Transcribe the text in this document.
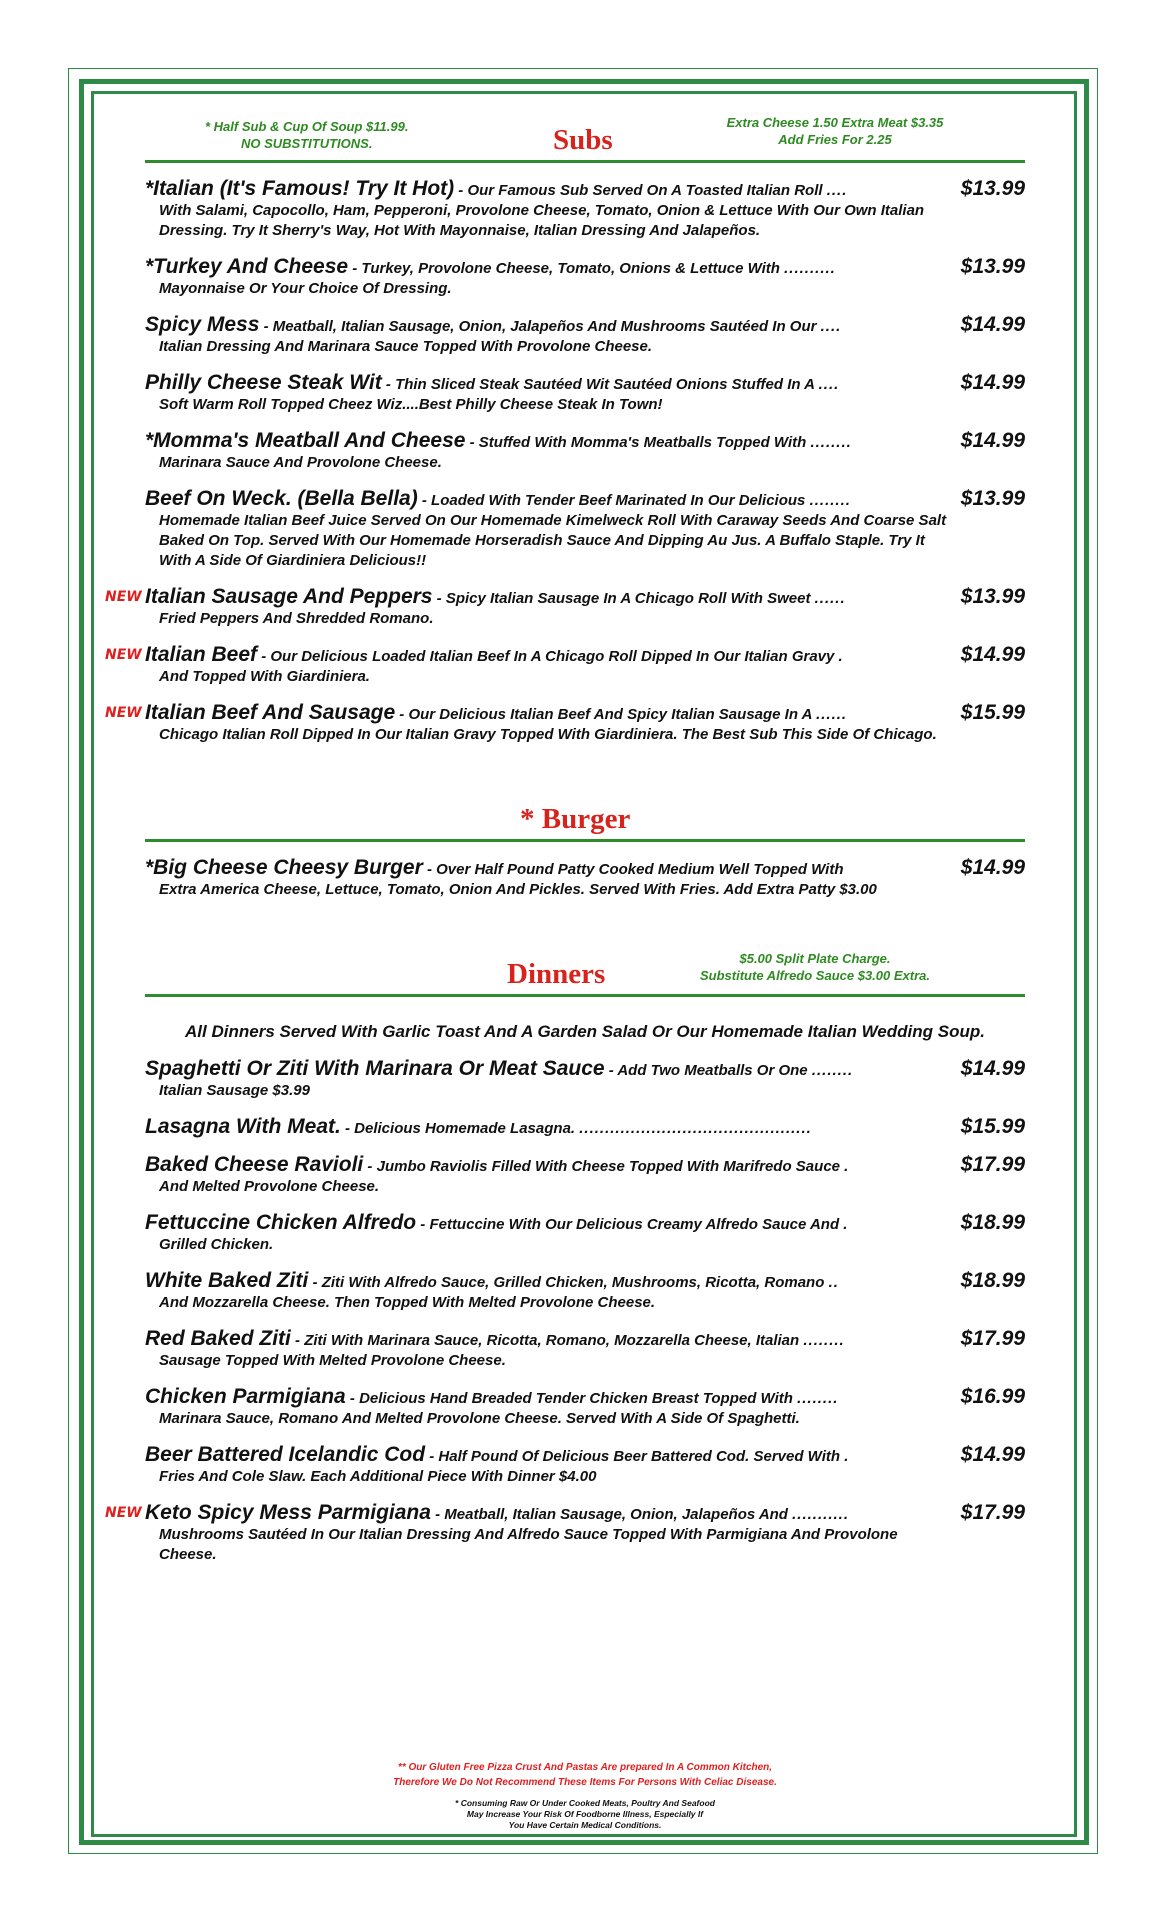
* Half Sub & Cup Of Soup $11.99.
NO SUBSTITUTIONS.	Subs
Extra Cheese 1.50 Extra Meat $3.35
Add Fries For 2.25
*Italian (It's Famous! Try It Hot) - Our Famous Sub Served On A Toasted Italian Roll ....	$13.99
With Salami, Capocollo, Ham, Pepperoni, Provolone Cheese, Tomato, Onion & Lettuce With Our Own Italian Dressing. Try It Sherry's Way, Hot With Mayonnaise, Italian Dressing And Jalapeños.
*Turkey And Cheese - Turkey, Provolone Cheese, Tomato, Onions & Lettuce With ..........	$13.99
Mayonnaise Or Your Choice Of Dressing.
Spicy Mess - Meatball, Italian Sausage, Onion, Jalapeños And Mushrooms Sautéed In Our ....	$14.99
Italian Dressing And Marinara Sauce Topped With Provolone Cheese.
Philly Cheese Steak Wit - Thin Sliced Steak Sautéed Wit Sautéed Onions Stuffed In A ....	$14.99
Soft Warm Roll Topped Cheez Wiz....Best Philly Cheese Steak In Town!
*Momma's Meatball And Cheese - Stuffed With Momma's Meatballs Topped With ........	$14.99
Marinara Sauce And Provolone Cheese.
Beef On Weck. (Bella Bella) - Loaded With Tender Beef Marinated In Our Delicious ........	$13.99
Homemade Italian Beef Juice Served On Our Homemade Kimelweck Roll With Caraway Seeds And Coarse Salt Baked On Top. Served With Our Homemade Horseradish Sauce And Dipping Au Jus. A Buffalo Staple. Try It With A Side Of Giardiniera Delicious!!
NEW Italian Sausage And Peppers - Spicy Italian Sausage In A Chicago Roll With Sweet ......	$13.99
Fried Peppers And Shredded Romano.
NEW Italian Beef - Our Delicious Loaded Italian Beef In A Chicago Roll Dipped In Our Italian Gravy .	$14.99
And Topped With Giardiniera.
NEW Italian Beef And Sausage - Our Delicious Italian Beef And Spicy Italian Sausage In A ......	$15.99
Chicago Italian Roll Dipped In Our Italian Gravy Topped With Giardiniera. The Best Sub This Side Of Chicago.
* Burger
*Big Cheese Cheesy Burger - Over Half Pound Patty Cooked Medium Well Topped With	$14.99
Extra America Cheese, Lettuce, Tomato, Onion And Pickles. Served With Fries. Add Extra Patty $3.00
Dinners	$5.00 Split Plate Charge.
Substitute Alfredo Sauce $3.00 Extra.
All Dinners Served With Garlic Toast And A Garden Salad Or Our Homemade Italian Wedding Soup.
Spaghetti Or Ziti With Marinara Or Meat Sauce - Add Two Meatballs Or One ........	$14.99
Italian Sausage $3.99
Lasagna With Meat. - Delicious Homemade Lasagna. .............................................	$15.99
Baked Cheese Ravioli - Jumbo Raviolis Filled With Cheese Topped With Marifredo Sauce .	$17.99
And Melted Provolone Cheese.
Fettuccine Chicken Alfredo - Fettuccine With Our Delicious Creamy Alfredo Sauce And .	$18.99
Grilled Chicken.
White Baked Ziti - Ziti With Alfredo Sauce, Grilled Chicken, Mushrooms, Ricotta, Romano ..	$18.99
And Mozzarella Cheese. Then Topped With Melted Provolone Cheese.
Red Baked Ziti - Ziti With Marinara Sauce, Ricotta, Romano, Mozzarella Cheese, Italian ........	$17.99
Sausage Topped With Melted Provolone Cheese.
Chicken Parmigiana - Delicious Hand Breaded Tender Chicken Breast Topped With ........	$16.99
Marinara Sauce, Romano And Melted Provolone Cheese. Served With A Side Of Spaghetti.
Beer Battered Icelandic Cod - Half Pound Of Delicious Beer Battered Cod. Served With .	$14.99
Fries And Cole Slaw. Each Additional Piece With Dinner $4.00
NEW Keto Spicy Mess Parmigiana - Meatball, Italian Sausage, Onion, Jalapeños And ...........	$17.99
Mushrooms Sautéed In Our Italian Dressing And Alfredo Sauce Topped With Parmigiana And Provolone Cheese.
** Our Gluten Free Pizza Crust And Pastas Are prepared In A Common Kitchen,
Therefore We Do Not Recommend These Items For Persons With Celiac Disease.
* Consuming Raw Or Under Cooked Meats, Poultry And Seafood
May Increase Your Risk Of Foodborne Illness, Especially If
You Have Certain Medical Conditions.
